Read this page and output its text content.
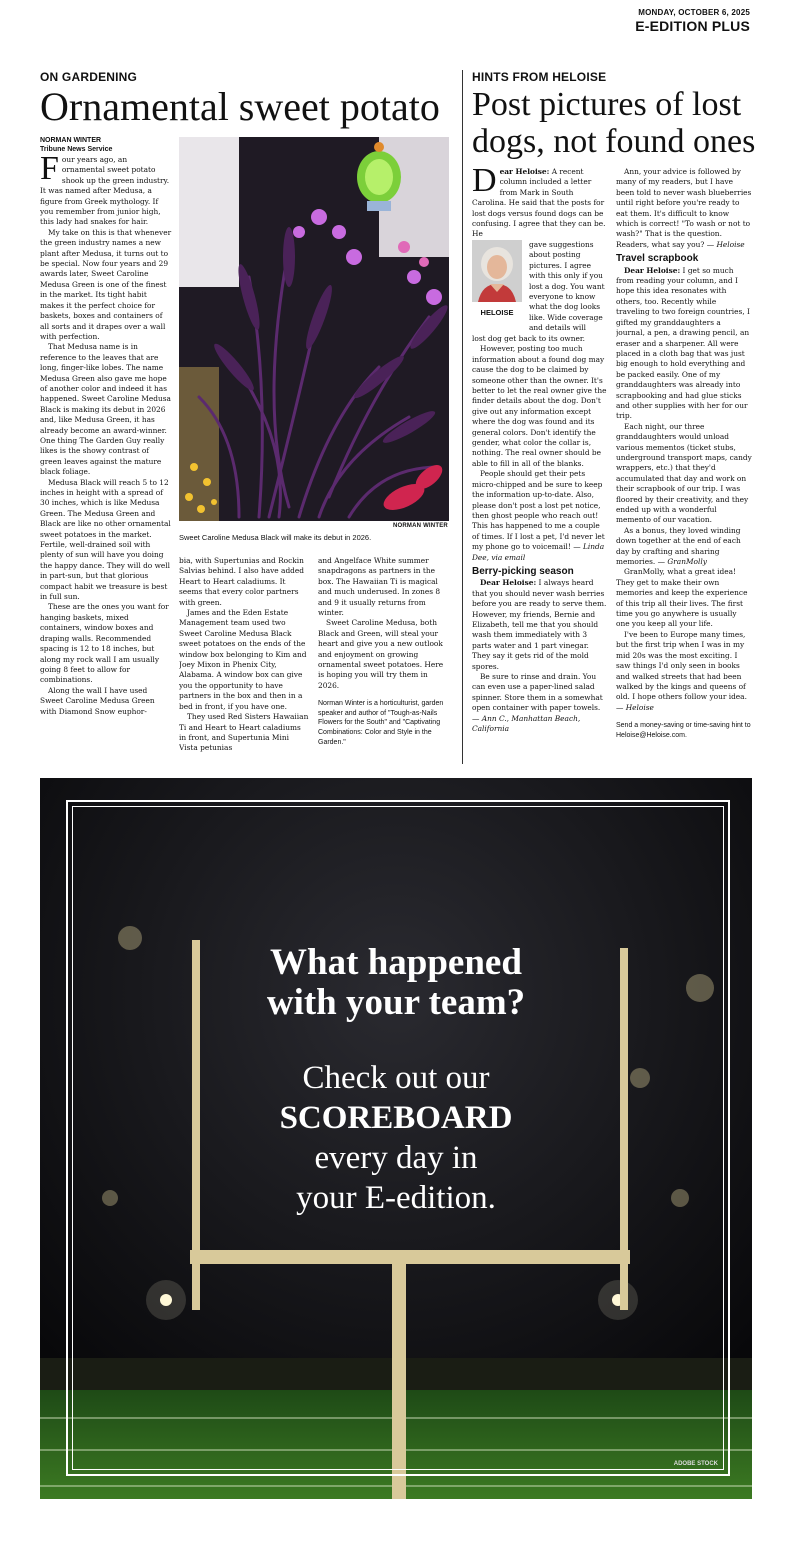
MONDAY, OCTOBER 6, 2025
E-EDITION PLUS
ON GARDENING
Ornamental sweet potato
NORMAN WINTER
Tribune News Service
F our years ago, an ornamental sweet potato shook up the green industry. It was named after Medusa, a figure from Greek mythology. If you remember from junior high, this lady had snakes for hair.

My take on this is that whenever the green industry names a new plant after Medusa, it turns out to be special. Now four years and 29 awards later, Sweet Caroline Medusa Green is one of the finest in the market. Its tight habit makes it the perfect choice for baskets, boxes and containers of all sorts and it drapes over a wall with perfection.

That Medusa name is in reference to the leaves that are long, finger-like lobes. The name Medusa Green also gave me hope of another color and indeed it has happened. Sweet Caroline Medusa Black is making its debut in 2026 and, like Medusa Green, it has already become an award-winner. One thing The Garden Guy really likes is the showy contrast of green leaves against the mature black foliage.

Medusa Black will reach 5 to 12 inches in height with a spread of 30 inches, which is like Medusa Green. The Medusa Green and Black are like no other ornamental sweet potatoes in the market. Fertile, well-drained soil with plenty of sun will have you doing the happy dance. They will do well in part-sun, but that glorious compact habit we treasure is best in full sun.

These are the ones you want for hanging baskets, mixed containers, window boxes and draping walls. Recommended spacing is 12 to 18 inches, but along my rock wall I am usually going 8 feet to allow for combinations.

Along the wall I have used Sweet Caroline Medusa Green with Diamond Snow euphor-

NORMAN WINTER
Sweet Caroline Medusa Black will make its debut in 2026.

bia, with Supertunias and Rockin Salvias behind. I also have added Heart to Heart caladiums. It seems that every color partners with green.

James and the Eden Estate Management team used two Sweet Caroline Medusa Black sweet potatoes on the ends of the window box belonging to Kim and Joey Mixon in Phenix City, Alabama. A window box can give you the opportunity to have partners in the box and then in a bed in front, if you have one.

They used Red Sisters Hawaiian Ti and Heart to Heart caladiums in front, and Supertunia Mini Vista petunias

and Angelface White summer snapdragons as partners in the box. The Hawaiian Ti is magical and much underused. In zones 8 and 9 it usually returns from winter.

Sweet Caroline Medusa, both Black and Green, will steal your heart and give you a new outlook and enjoyment on growing ornamental sweet potatoes. Here is hoping you will try them in 2026.

Norman Winter is a horticulturist, garden speaker and author of "Tough-as-Nails Flowers for the South" and "Captivating Combinations: Color and Style in the Garden."

HINTS FROM HELOISE
Post pictures of lost dogs, not found ones
D ear Heloise: A recent column included a letter from Mark in South Carolina. He said that the posts for lost dogs versus found dogs can be confusing. I agree that they can be. He

HELOISE

gave suggestions about posting pictures. I agree with this only if you lost a dog. You want everyone to know what the dog looks like. Wide coverage and details will

lost dog get back to its owner.

However, posting too much information about a found dog may cause the dog to be claimed by someone other than the owner. It's better to let the real owner give the finder details about the dog. Don't give out any information except where the dog was found and its general colors. Don't identify the gender, what color the collar is, nothing. The real owner should be able to fill in all of the blanks.

People should get their pets micro-chipped and be sure to keep the information up-to-date. Also, please don't post a lost pet notice, then ghost people who reach out! This has happened to me a couple of times. If I lost a pet, I'd never let my phone go to voicemail! — Linda Dee, via email

Berry-picking season

Dear Heloise: I always heard that you should never wash berries before you are ready to serve them. However, my friends, Bernie and Elizabeth, tell me that you should wash them immediately with 3 parts water and 1 part vinegar. They say it gets rid of the mold spores.

Be sure to rinse and drain. You can even use a paper-lined salad spinner. Store them in a somewhat open container with paper towels. — Ann C., Manhattan Beach, California

Ann, your advice is followed by many of my readers, but I have been told to never wash blueberries until right before you're ready to eat them. It's difficult to know which is correct! "To wash or not to wash?" That is the question. Readers, what say you? — Heloise

Travel scrapbook

Dear Heloise: I get so much from reading your column, and I hope this idea resonates with others, too. Recently while traveling to two foreign countries, I gifted my granddaughters a journal, a pen, a drawing pencil, an eraser and a sharpener. All were placed in a cloth bag that was just big enough to hold everything and be packed easily. One of my granddaughters was already into scrapbooking and had glue sticks and other supplies with her for our trip.

Each night, our three granddaughters would unload various mementos (ticket stubs, underground transport maps, candy wrappers, etc.) that they'd accumulated that day and work on their scrapbook of our trip. I was floored by their creativity, and they ended up with a wonderful memento of our vacation.

As a bonus, they loved winding down together at the end of each day by crafting and sharing memories. — GranMolly

GranMolly, what a great idea! They get to make their own memories and keep the experience of this trip all their lives. The first time you go anywhere is usually one you keep all your life.

I've been to Europe many times, but the first trip when I was in my mid 20s was the most exciting. I saw things I'd only seen in books and walked streets that had been walked by the kings and queens of old. I hope others follow your idea. — Heloise

Send a money-saving or time-saving hint to Heloise@Heloise.com.

What happened
with your team?
Check out our
SCOREBOARD
every day in
your E-edition.
ADOBE STOCK
